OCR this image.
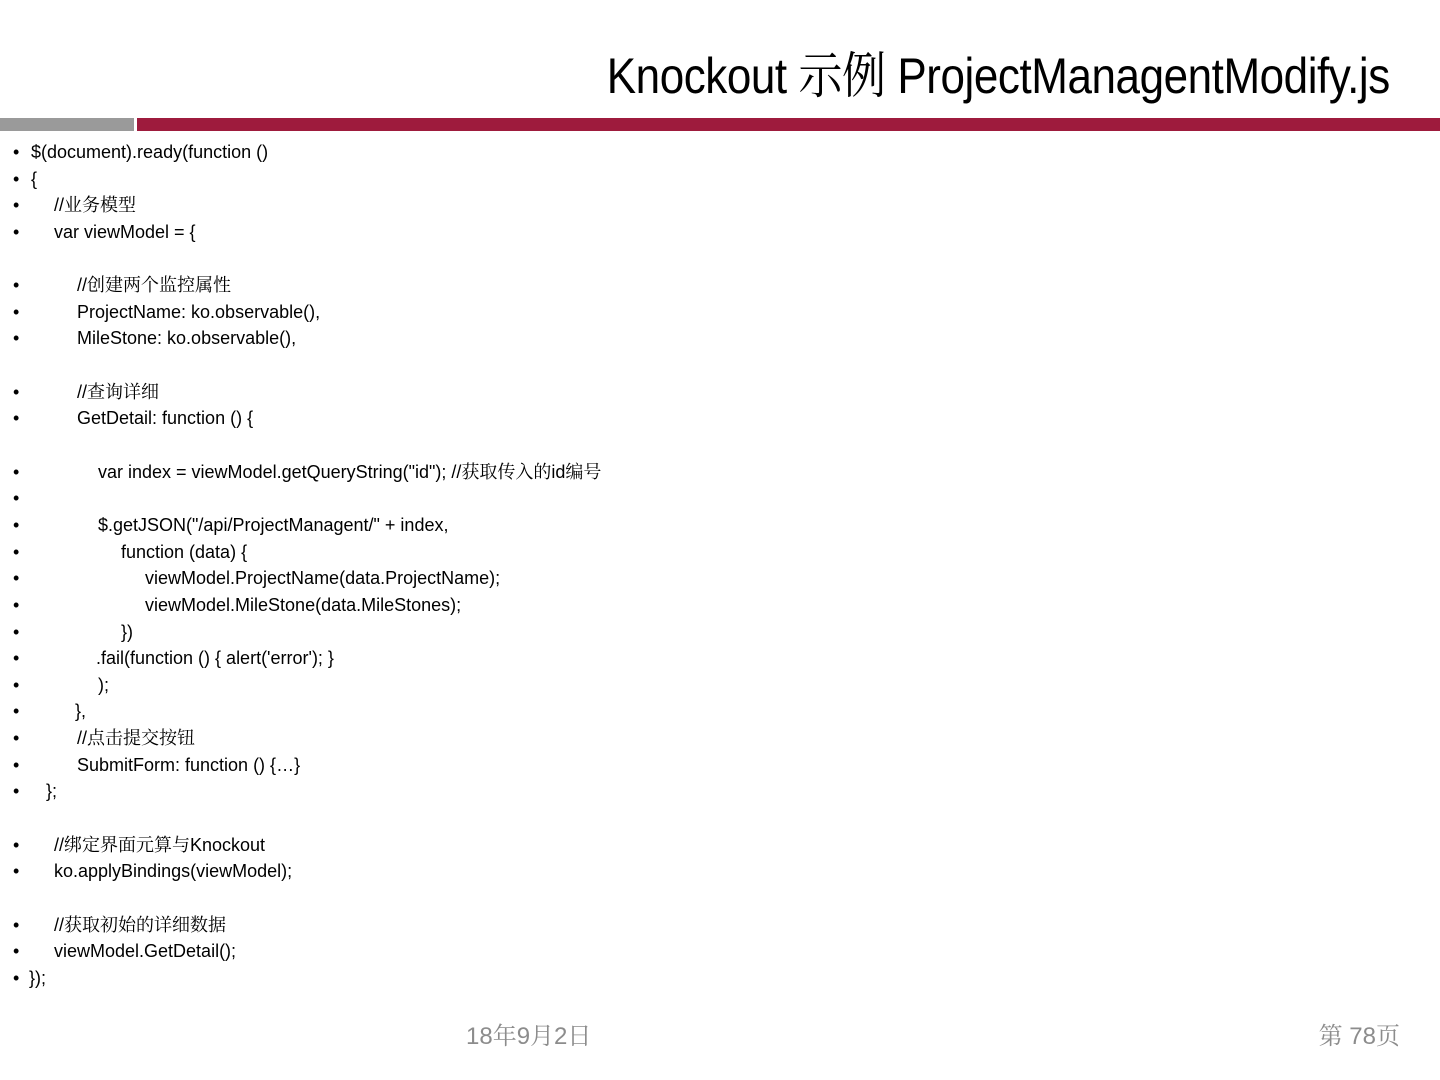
Knockout 示例 ProjectManagentModify.js
• $(document).ready(function ()
• {
• //业务模型
• var viewModel = {
•	//创建两个监控属性
•	ProjectName: ko.observable(),
•	MileStone: ko.observable(),
•	//查询详细
•	GetDetail: function () {
•	var index = viewModel.getQueryString("id"); //获取传入的id编号
•
•	$.getJSON("/api/ProjectManagent/" + index,
•	function (data) {
•	viewModel.ProjectName(data.ProjectName);
•	viewModel.MileStone(data.MileStones);
•	})
•	.fail(function () { alert('error'); }
•	);
•	},
•	//点击提交按钮
•	SubmitForm: function () {…}
• };
• //绑定界面元算与Knockout
• ko.applyBindings(viewModel);
• //获取初始的详细数据
• viewModel.GetDetail();
• });
18年9月2日	第 78页
